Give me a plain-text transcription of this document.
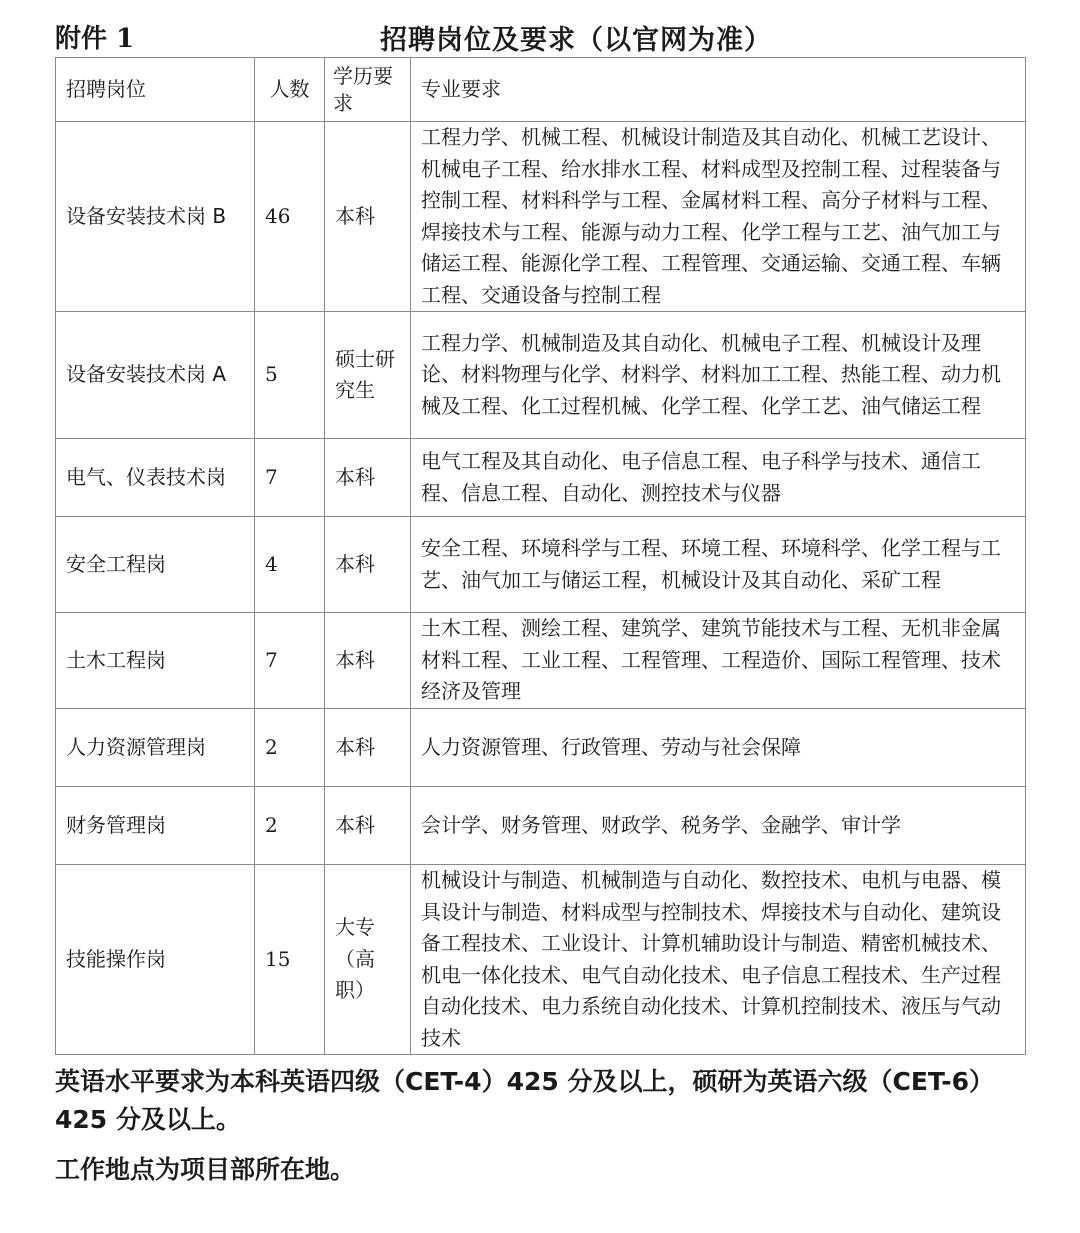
附件 1	招聘岗位及要求（以官网为准）
招聘岗位	人数	学历要求	专业要求
设备安装技术岗 B	46	本科	工程力学、机械工程、机械设计制造及其自动化、机械工艺设计、机械电子工程、给水排水工程、材料成型及控制工程、过程装备与控制工程、材料科学与工程、金属材料工程、高分子材料与工程、焊接技术与工程、能源与动力工程、化学工程与工艺、油气加工与储运工程、能源化学工程、工程管理、交通运输、交通工程、车辆工程、交通设备与控制工程
设备安装技术岗 A	5	硕士研究生	工程力学、机械制造及其自动化、机械电子工程、机械设计及理论、材料物理与化学、材料学、材料加工工程、热能工程、动力机械及工程、化工过程机械、化学工程、化学工艺、油气储运工程
电气、仪表技术岗	7	本科	电气工程及其自动化、电子信息工程、电子科学与技术、通信工程、信息工程、自动化、测控技术与仪器
安全工程岗	4	本科	安全工程、环境科学与工程、环境工程、环境科学、化学工程与工艺、油气加工与储运工程，机械设计及其自动化、采矿工程
土木工程岗	7	本科	土木工程、测绘工程、建筑学、建筑节能技术与工程、无机非金属材料工程、工业工程、工程管理、工程造价、国际工程管理、技术经济及管理
人力资源管理岗	2	本科	人力资源管理、行政管理、劳动与社会保障
财务管理岗	2	本科	会计学、财务管理、财政学、税务学、金融学、审计学
技能操作岗	15	大专（高职）	机械设计与制造、机械制造与自动化、数控技术、电机与电器、模具设计与制造、材料成型与控制技术、焊接技术与自动化、建筑设备工程技术、工业设计、计算机辅助设计与制造、精密机械技术、机电一体化技术、电气自动化技术、电子信息工程技术、生产过程自动化技术、电力系统自动化技术、计算机控制技术、液压与气动技术

英语水平要求为本科英语四级（CET-4）425 分及以上，硕研为英语六级（CET-6）425 分及以上。

工作地点为项目部所在地。
